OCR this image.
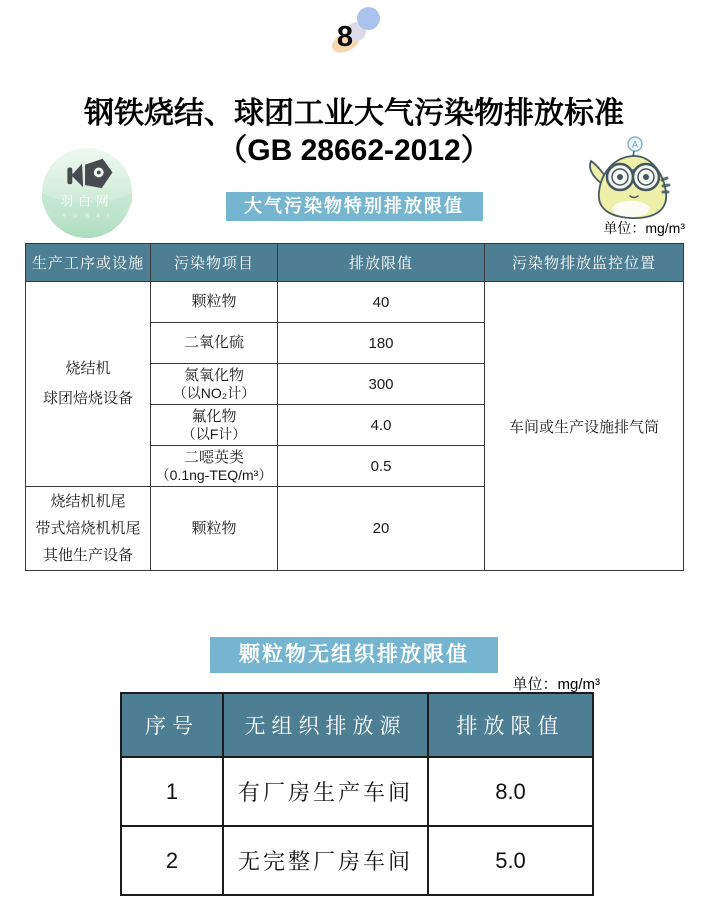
8
钢铁烧结、球团工业大气污染物排放标准
（GB 28662-2012）
羽白网
Y U B A I
A
大气污染物特别排放限值
单位：mg/m³
生产工序或设施	污染物项目	排放限值	污染物排放监控位置

烧结机
球团焙烧设备	颗粒物	40	车间或生产设施排气筒

	二氧化硫	180	

	氮氧化物
（以NO₂计）	300	

	氟化物
（以F计）	4.0	

	二噁英类
（0.1ng-TEQ/m³）	0.5	

烧结机机尾
带式焙烧机机尾
其他生产设备	颗粒物	20	
颗粒物无组织排放限值
单位：mg/m³
序号	无组织排放源	排放限值
1	有厂房生产车间	8.0
2	无完整厂房车间	5.0
